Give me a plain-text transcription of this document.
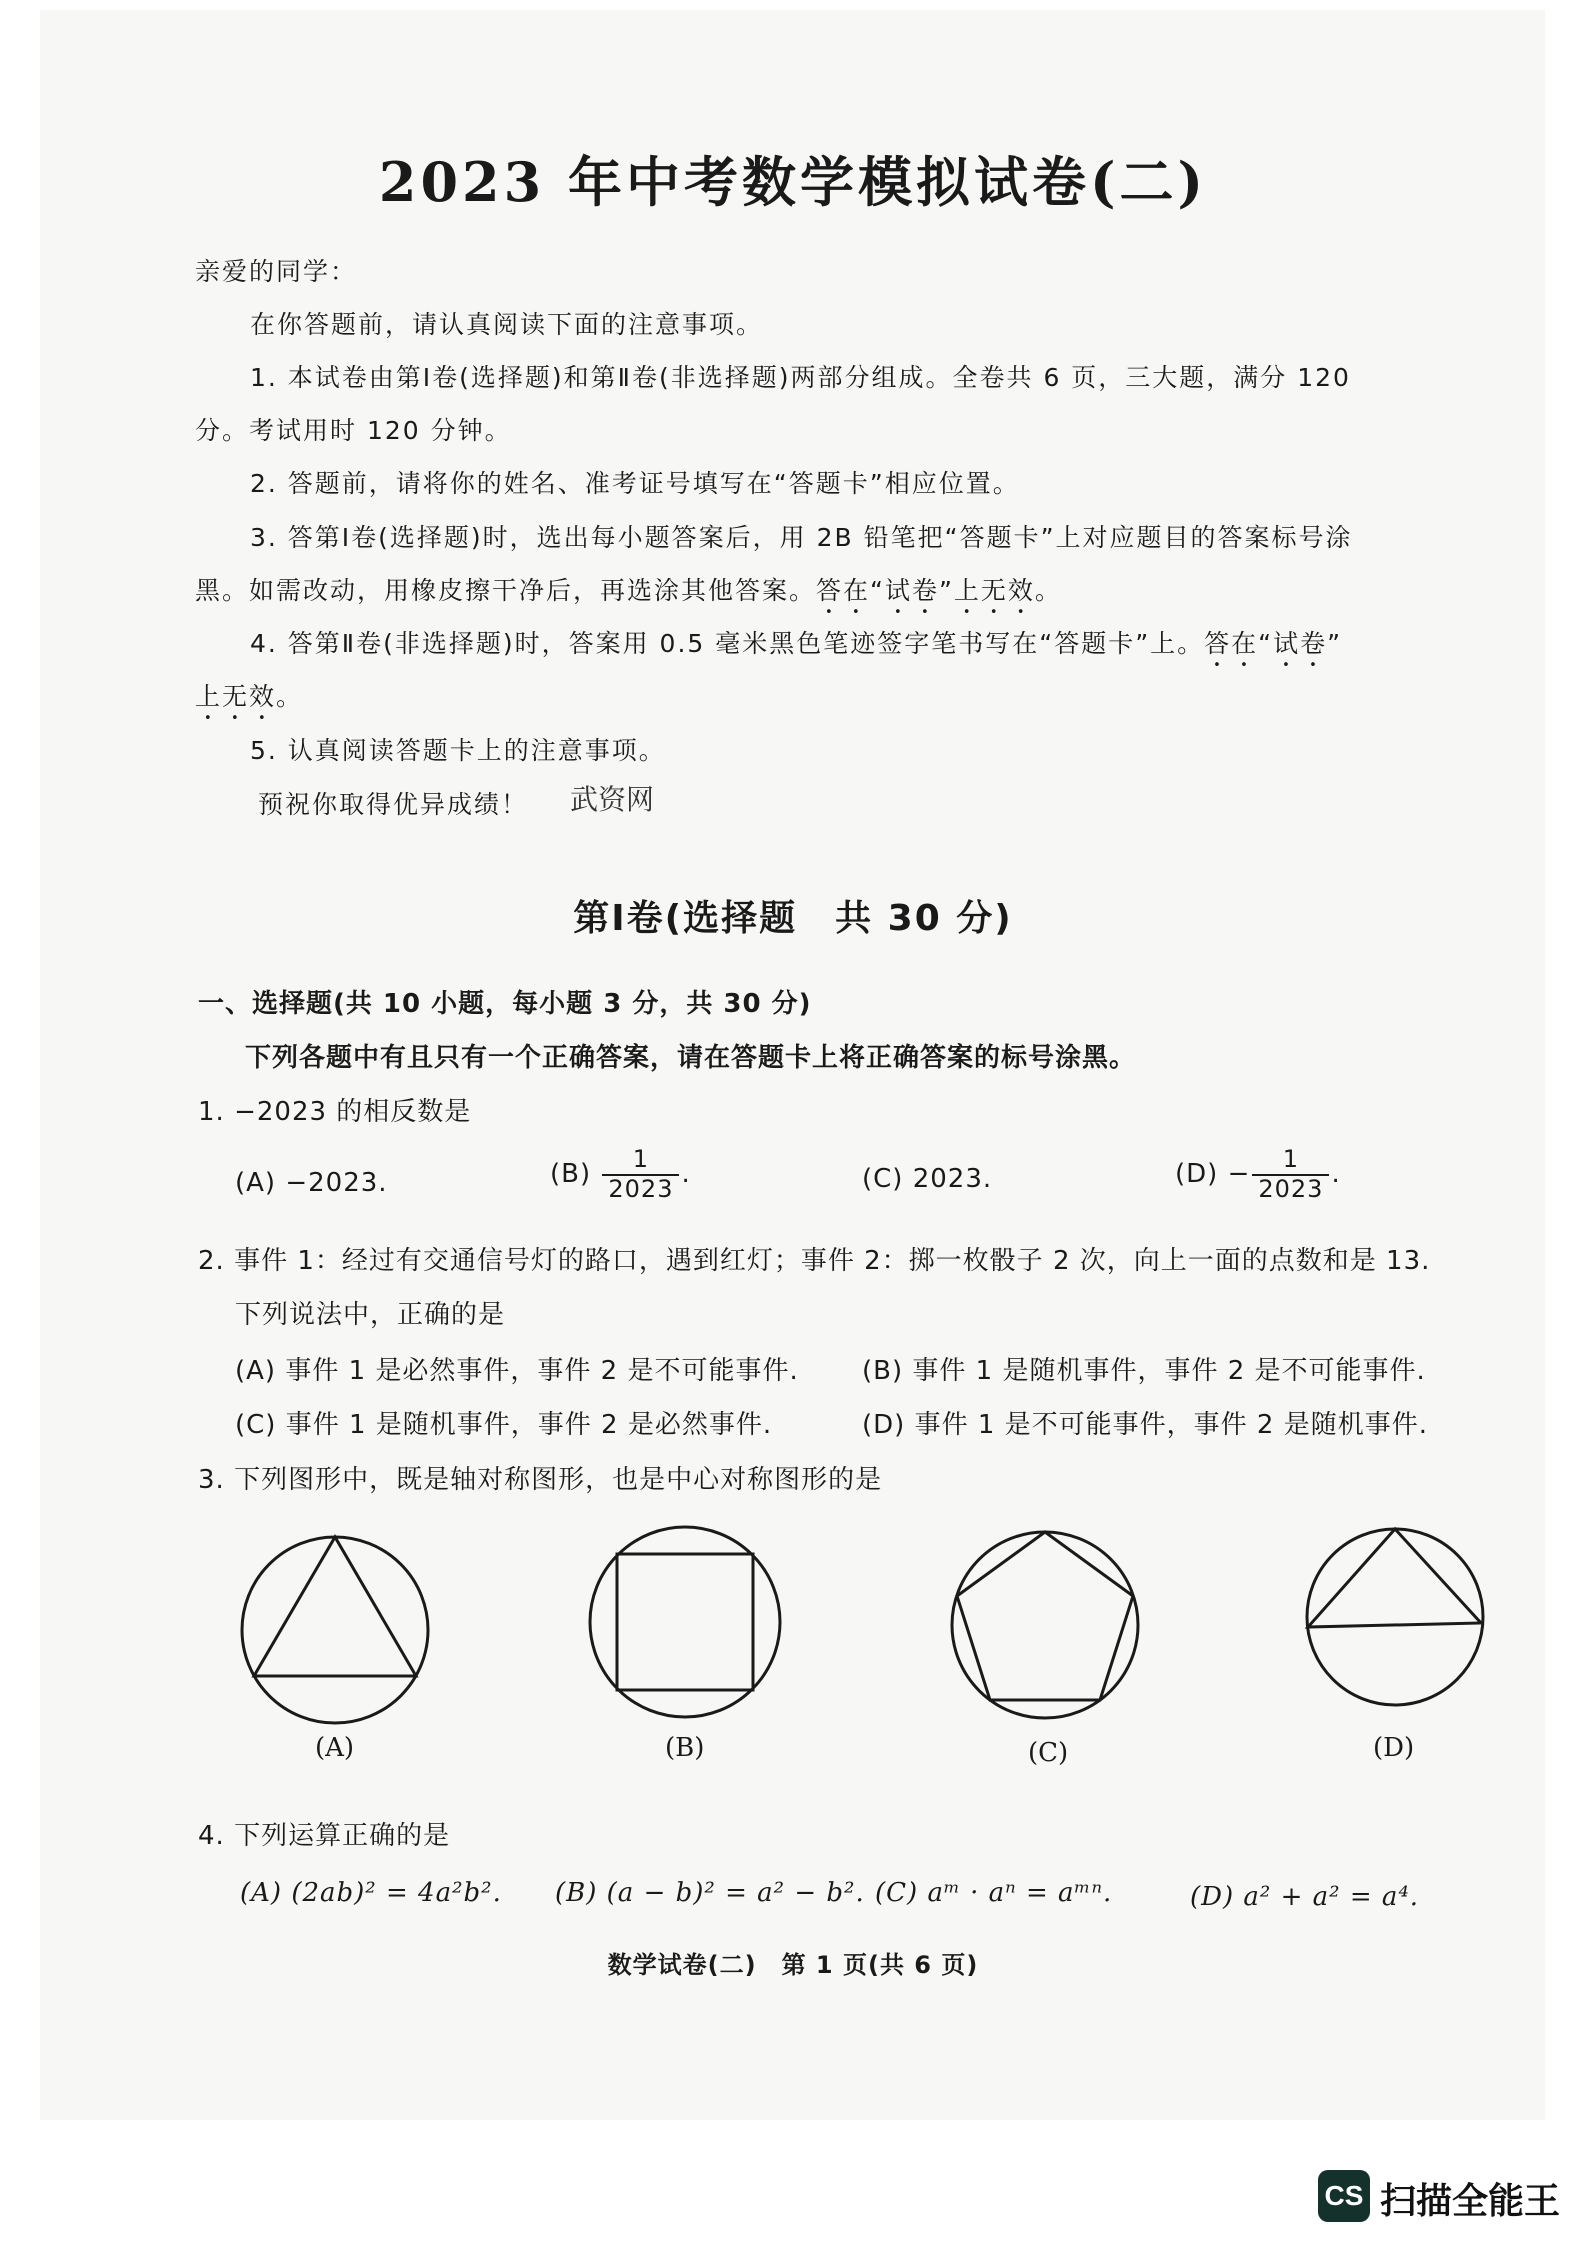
2023 年中考数学模拟试卷(二)
亲爱的同学：
在你答题前，请认真阅读下面的注意事项。
1. 本试卷由第Ⅰ卷(选择题)和第Ⅱ卷(非选择题)两部分组成。全卷共 6 页，三大题，满分 120
分。考试用时 120 分钟。
2. 答题前，请将你的姓名、准考证号填写在“答题卡”相应位置。
3. 答第Ⅰ卷(选择题)时，选出每小题答案后，用 2B 铅笔把“答题卡”上对应题目的答案标号涂
黑。如需改动，用橡皮擦干净后，再选涂其他答案。答在“试卷”上无效。
4. 答第Ⅱ卷(非选择题)时，答案用 0.5 毫米黑色笔迹签字笔书写在“答题卡”上。答在“试卷”
上无效。
5. 认真阅读答题卡上的注意事项。
预祝你取得优异成绩！ 武资网
第Ⅰ卷(选择题　共 30 分)
一、选择题(共 10 小题，每小题 3 分，共 30 分)
下列各题中有且只有一个正确答案，请在答题卡上将正确答案的标号涂黑。
1. −2023 的相反数是
(A) −2023.	$(B) \frac{1}{2023}$ .	(C) 2023.	$(D) - \frac{1}{2023}$ .
2. 事件 1：经过有交通信号灯的路口，遇到红灯；事件 2：掷一枚骰子 2 次，向上一面的点数和是 13.
下列说法中，正确的是
(A) 事件 1 是必然事件，事件 2 是不可能事件. (B) 事件 1 是随机事件，事件 2 是不可能事件.
(C) 事件 1 是随机事件，事件 2 是必然事件.	(D) 事件 1 是不可能事件，事件 2 是随机事件.
3. 下列图形中，既是轴对称图形，也是中心对称图形的是
(A)	(B)	(C)	(D)
4. 下列运算正确的是
(A) (2ab)² = 4a²b². (B) (a − b)² = a² − b². (C) aᵐ · aⁿ = aᵐⁿ.	(D) a² + a² = a⁴.
数学试卷(二)　第 1 页(共 6 页)
CS 扫描全能王
